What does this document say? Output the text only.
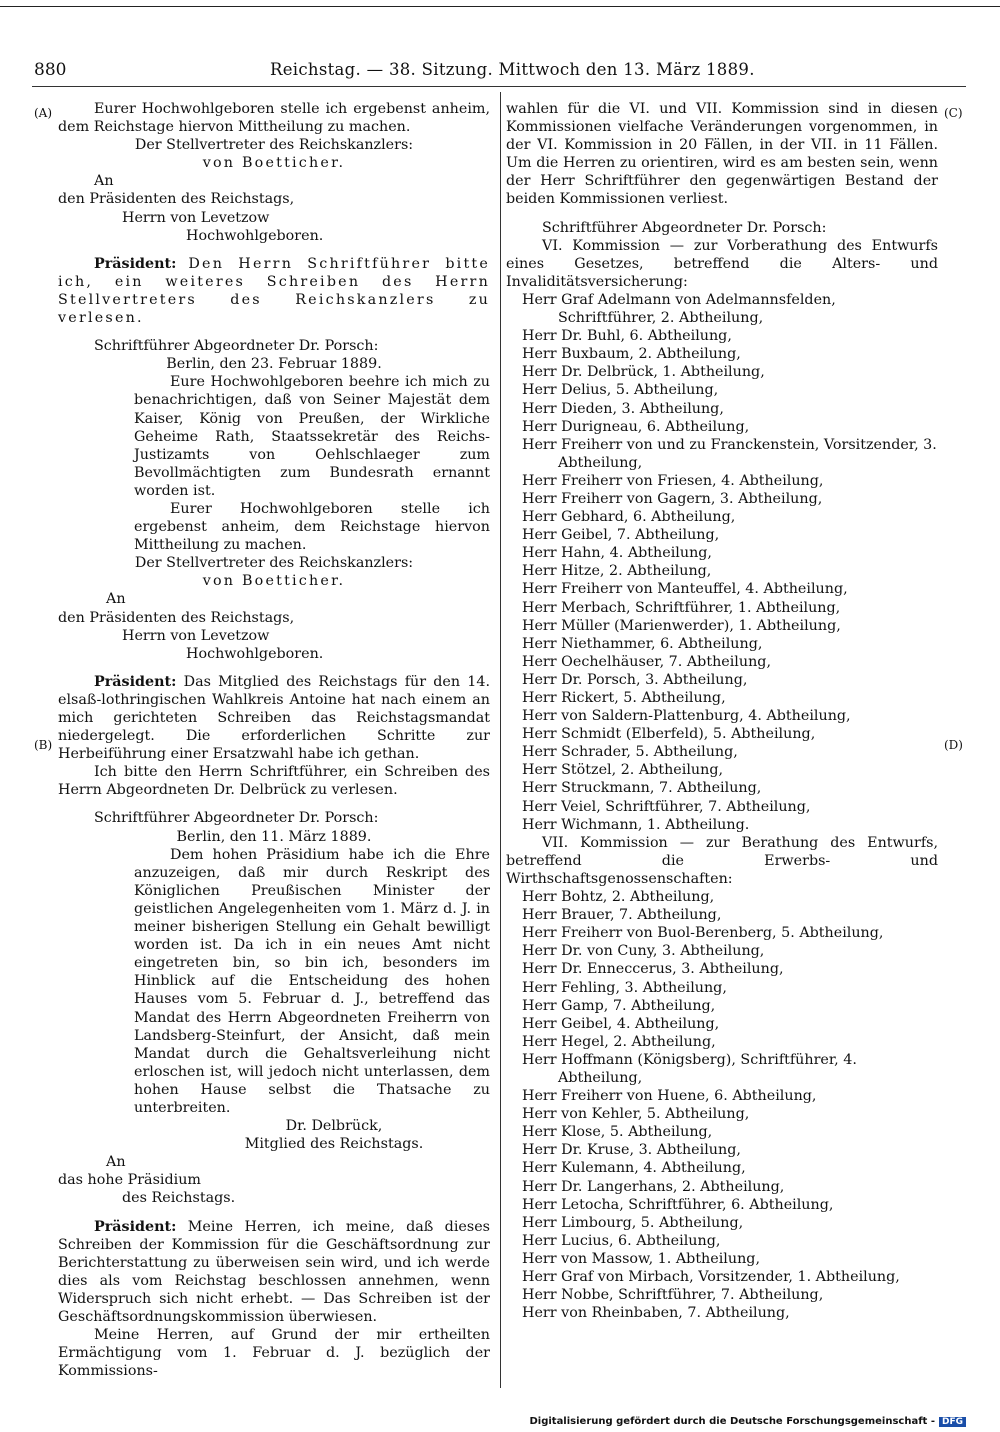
880	Reichstag. — 38. Sitzung. Mittwoch den 13. März 1889.
(A)
(B)
(C)
(D)

Eurer Hochwohlgeboren stelle ich ergebenst anheim, dem Reichstage hiervon Mittheilung zu machen.

Der Stellvertreter des Reichskanzlers:

von Boetticher.

An

den Präsidenten des Reichstags,

Herrn von Levetzow

Hochwohlgeboren.

Präsident: Den Herrn Schriftführer bitte ich, ein weiteres Schreiben des Herrn Stellvertreters des Reichskanzlers zu verlesen.

Schriftführer Abgeordneter Dr. Porsch:

Berlin, den 23. Februar 1889.

Eure Hochwohlgeboren beehre ich mich zu benachrichtigen, daß von Seiner Majestät dem Kaiser, König von Preußen, der Wirkliche Geheime Rath, Staatssekretär des Reichs-Justizamts von Oehlschlaeger zum Bevollmächtigten zum Bundesrath ernannt worden ist.

Eurer Hochwohlgeboren stelle ich ergebenst anheim, dem Reichstage hiervon Mittheilung zu machen.

Der Stellvertreter des Reichskanzlers:

von Boetticher.

An

den Präsidenten des Reichstags,

Herrn von Levetzow

Hochwohlgeboren.

Präsident: Das Mitglied des Reichstags für den 14. elsaß-lothringischen Wahlkreis Antoine hat nach einem an mich gerichteten Schreiben das Reichstagsmandat niedergelegt. Die erforderlichen Schritte zur Herbeiführung einer Ersatzwahl habe ich gethan.

Ich bitte den Herrn Schriftführer, ein Schreiben des Herrn Abgeordneten Dr. Delbrück zu verlesen.

Schriftführer Abgeordneter Dr. Porsch:

Berlin, den 11. März 1889.

Dem hohen Präsidium habe ich die Ehre anzuzeigen, daß mir durch Reskript des Königlichen Preußischen Minister der geistlichen Angelegenheiten vom 1. März d. J. in meiner bisherigen Stellung ein Gehalt bewilligt worden ist. Da ich in ein neues Amt nicht eingetreten bin, so bin ich, besonders im Hinblick auf die Entscheidung des hohen Hauses vom 5. Februar d. J., betreffend das Mandat des Herrn Abgeordneten Freiherrn von Landsberg-Steinfurt, der Ansicht, daß mein Mandat durch die Gehaltsverleihung nicht erloschen ist, will jedoch nicht unterlassen, dem hohen Hause selbst die Thatsache zu unterbreiten.

Dr. Delbrück,

Mitglied des Reichstags.

An

das hohe Präsidium

des Reichstags.

Präsident: Meine Herren, ich meine, daß dieses Schreiben der Kommission für die Geschäftsordnung zur Berichterstattung zu überweisen sein wird, und ich werde dies als vom Reichstag beschlossen annehmen, wenn Widerspruch sich nicht erhebt. — Das Schreiben ist der Geschäftsordnungskommission überwiesen.

Meine Herren, auf Grund der mir ertheilten Ermächtigung vom 1. Februar d. J. bezüglich der Kommissions-

wahlen für die VI. und VII. Kommission sind in diesen Kommissionen vielfache Veränderungen vorgenommen, in der VI. Kommission in 20 Fällen, in der VII. in 11 Fällen. Um die Herren zu orientiren, wird es am besten sein, wenn der Herr Schriftführer den gegenwärtigen Bestand der beiden Kommissionen verliest.

Schriftführer Abgeordneter Dr. Porsch:

VI. Kommission — zur Vorberathung des Entwurfs eines Gesetzes, betreffend die Alters- und Invaliditätsversicherung:

Herr Graf Adelmann von Adelmannsfelden, Schriftführer, 2. Abtheilung,

Herr Dr. Buhl, 6. Abtheilung,

Herr Buxbaum, 2. Abtheilung,

Herr Dr. Delbrück, 1. Abtheilung,

Herr Delius, 5. Abtheilung,

Herr Dieden, 3. Abtheilung,

Herr Durigneau, 6. Abtheilung,

Herr Freiherr von und zu Franckenstein, Vorsitzender, 3. Abtheilung,

Herr Freiherr von Friesen, 4. Abtheilung,

Herr Freiherr von Gagern, 3. Abtheilung,

Herr Gebhard, 6. Abtheilung,

Herr Geibel, 7. Abtheilung,

Herr Hahn, 4. Abtheilung,

Herr Hitze, 2. Abtheilung,

Herr Freiherr von Manteuffel, 4. Abtheilung,

Herr Merbach, Schriftführer, 1. Abtheilung,

Herr Müller (Marienwerder), 1. Abtheilung,

Herr Niethammer, 6. Abtheilung,

Herr Oechelhäuser, 7. Abtheilung,

Herr Dr. Porsch, 3. Abtheilung,

Herr Rickert, 5. Abtheilung,

Herr von Saldern-Plattenburg, 4. Abtheilung,

Herr Schmidt (Elberfeld), 5. Abtheilung,

Herr Schrader, 5. Abtheilung,

Herr Stötzel, 2. Abtheilung,

Herr Struckmann, 7. Abtheilung,

Herr Veiel, Schriftführer, 7. Abtheilung,

Herr Wichmann, 1. Abtheilung.

VII. Kommission — zur Berathung des Entwurfs, betreffend die Erwerbs- und Wirthschaftsgenossenschaften:

Herr Bohtz, 2. Abtheilung,

Herr Brauer, 7. Abtheilung,

Herr Freiherr von Buol-Berenberg, 5. Abtheilung,

Herr Dr. von Cuny, 3. Abtheilung,

Herr Dr. Enneccerus, 3. Abtheilung,

Herr Fehling, 3. Abtheilung,

Herr Gamp, 7. Abtheilung,

Herr Geibel, 4. Abtheilung,

Herr Hegel, 2. Abtheilung,

Herr Hoffmann (Königsberg), Schriftführer, 4. Abtheilung,

Herr Freiherr von Huene, 6. Abtheilung,

Herr von Kehler, 5. Abtheilung,

Herr Klose, 5. Abtheilung,

Herr Dr. Kruse, 3. Abtheilung,

Herr Kulemann, 4. Abtheilung,

Herr Dr. Langerhans, 2. Abtheilung,

Herr Letocha, Schriftführer, 6. Abtheilung,

Herr Limbourg, 5. Abtheilung,

Herr Lucius, 6. Abtheilung,

Herr von Massow, 1. Abtheilung,

Herr Graf von Mirbach, Vorsitzender, 1. Abtheilung,

Herr Nobbe, Schriftführer, 7. Abtheilung,

Herr von Rheinbaben, 7. Abtheilung,

Digitalisierung gefördert durch die Deutsche Forschungsgemeinschaft - DFG
